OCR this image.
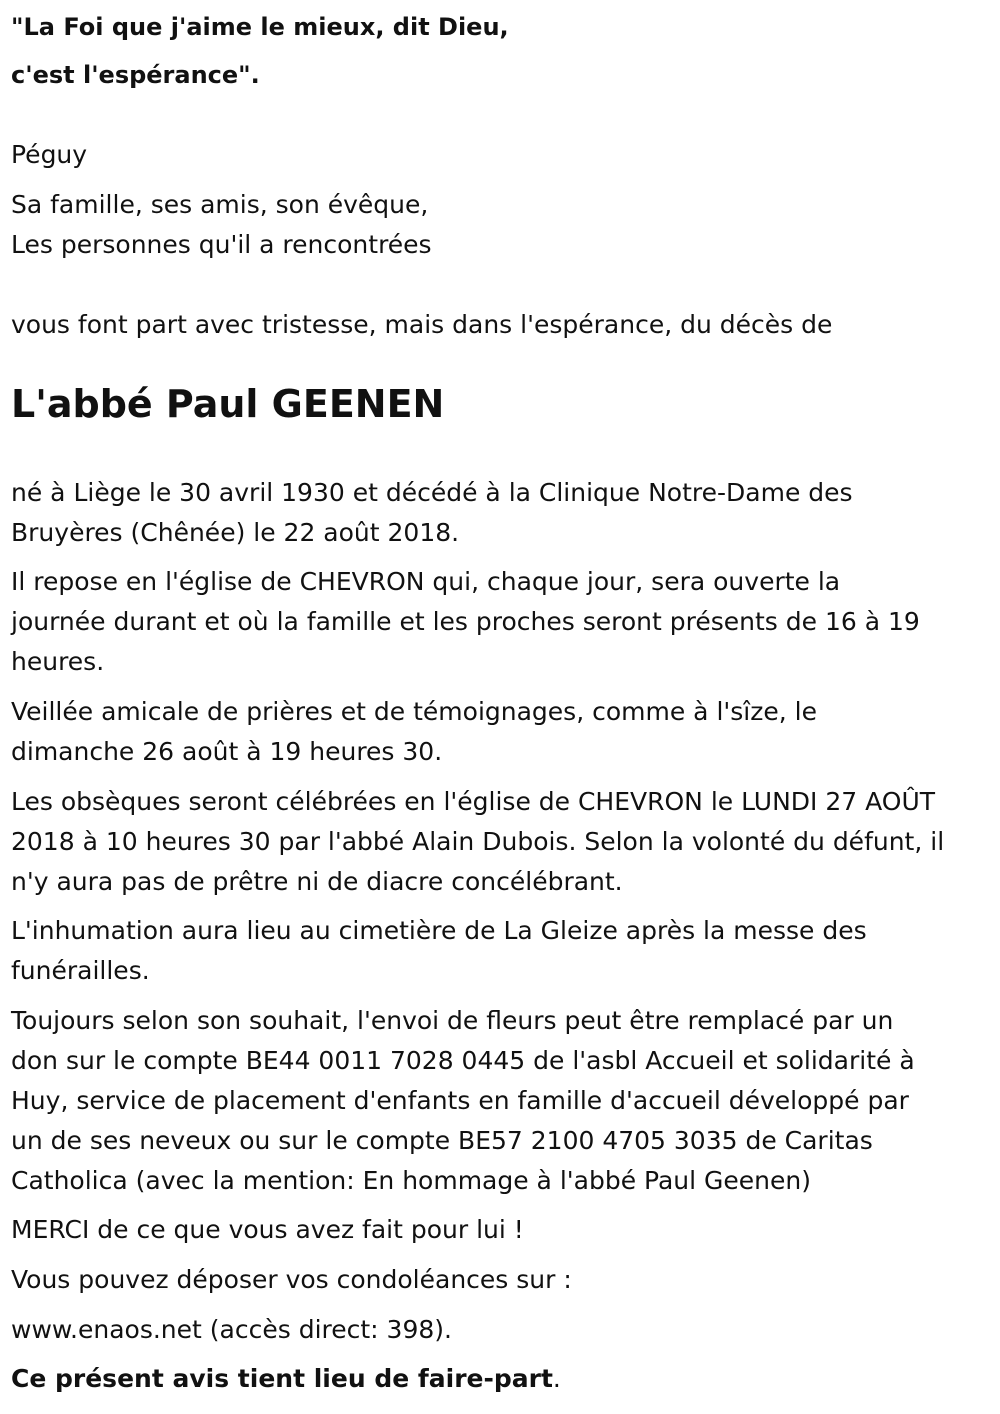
"La Foi que j'aime le mieux, dit Dieu,

c'est l'espérance".

Péguy

Sa famille, ses amis, son évêque,
Les personnes qu'il a rencontrées

vous font part avec tristesse, mais dans l'espérance, du décès de

L'abbé Paul GEENEN
né à Liège le 30 avril 1930 et décédé à la Clinique Notre-Dame des
Bruyères (Chênée) le 22 août 2018.
Il repose en l'église de CHEVRON qui, chaque jour, sera ouverte la
journée durant et où la famille et les proches seront présents de 16 à 19
heures.
Veillée amicale de prières et de témoignages, comme à l'sîze, le
dimanche 26 août à 19 heures 30.
Les obsèques seront célébrées en l'église de CHEVRON le LUNDI 27 AOÛT
2018 à 10 heures 30 par l'abbé Alain Dubois. Selon la volonté du défunt, il
n'y aura pas de prêtre ni de diacre concélébrant.
L'inhumation aura lieu au cimetière de La Gleize après la messe des
funérailles.
Toujours selon son souhait, l'envoi de fleurs peut être remplacé par un
don sur le compte BE44 0011 7028 0445 de l'asbl Accueil et solidarité à
Huy, service de placement d'enfants en famille d'accueil développé par
un de ses neveux ou sur le compte BE57 2100 4705 3035 de Caritas
Catholica (avec la mention: En hommage à l'abbé Paul Geenen)

MERCI de ce que vous avez fait pour lui !

Vous pouvez déposer vos condoléances sur :

www.enaos.net (accès direct: 398).

Ce présent avis tient lieu de faire-part.
